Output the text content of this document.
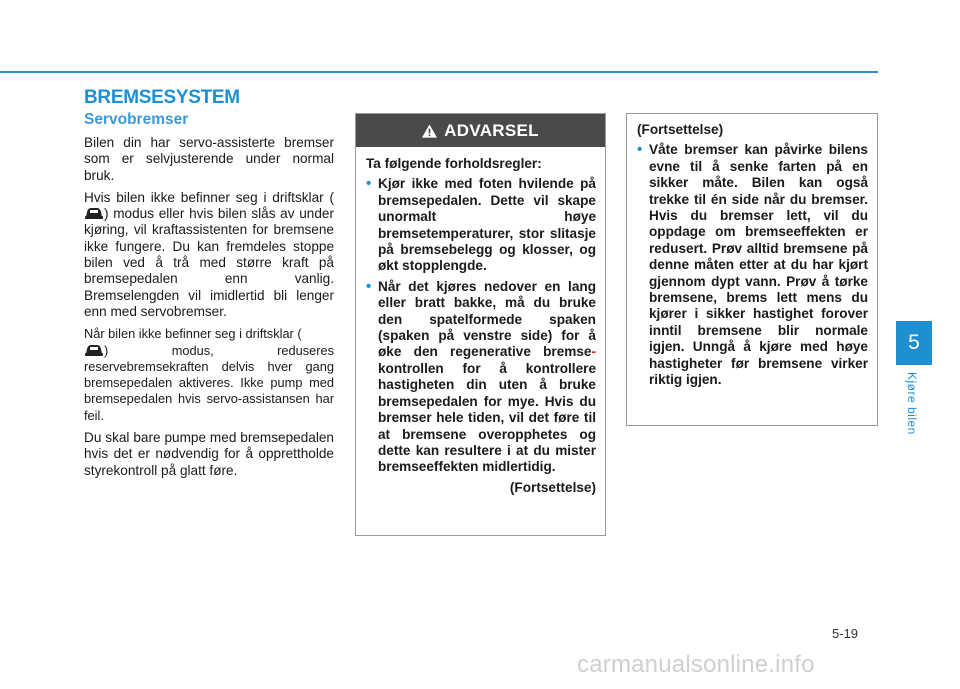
BREMSESYSTEM
Servobremser

Bilen din har servo-assisterte bremser som er selvjusterende under normal bruk.

Hvis bilen ikke befinner seg i driftsklar () modus eller hvis bilen slås av under kjøring, vil kraftassistenten for bremsene ikke fungere. Du kan fremdeles stoppe bilen ved å trå med større kraft på bremsepedalen enn vanlig. Bremselengden vil imidlertid bli lenger enn med servobremser.

Når bilen ikke befinner seg i driftsklar (
) modus, reduseres reservebremsekraften delvis hver gang bremsepedalen aktiveres. Ikke pump med bremsepedalen hvis servo-assistansen har feil.

Du skal bare pumpe med bremsepedalen hvis det er nødvendig for å opprettholde styrekontroll på glatt føre.

ADVARSEL
Ta følgende forholdsregler:
• Kjør ikke med foten hvilende på bremsepedalen. Dette vil skape unormalt høye bremsetemperaturer, stor slitasje på bremsebelegg og klosser, og økt stopplengde.
• Når det kjøres nedover en lang eller bratt bakke, må du bruke den spatelformede spaken (spaken på venstre side) for å øke den regenerative bremse- kontrollen for å kontrollere hastigheten din uten å bruke bremsepedalen for mye. Hvis du bremser hele tiden, vil det føre til at bremsene overopphetes og dette kan resultere i at du mister bremseeffekten midlertidig.
(Fortsettelse)
(Fortsettelse)
• Våte bremser kan påvirke bilens evne til å senke farten på en sikker måte. Bilen kan også trekke til én side når du bremser. Hvis du bremser lett, vil du oppdage om bremseeffekten er redusert. Prøv alltid bremsene på denne måten etter at du har kjørt gjennom dypt vann. Prøv å tørke bremsene, brems lett mens du kjører i sikker hastighet forover inntil bremsene blir normale igjen. Unngå å kjøre med høye hastigheter før bremsene virker riktig igjen.
5
Kjøre bilen
5-19
carmanualsonline.info
